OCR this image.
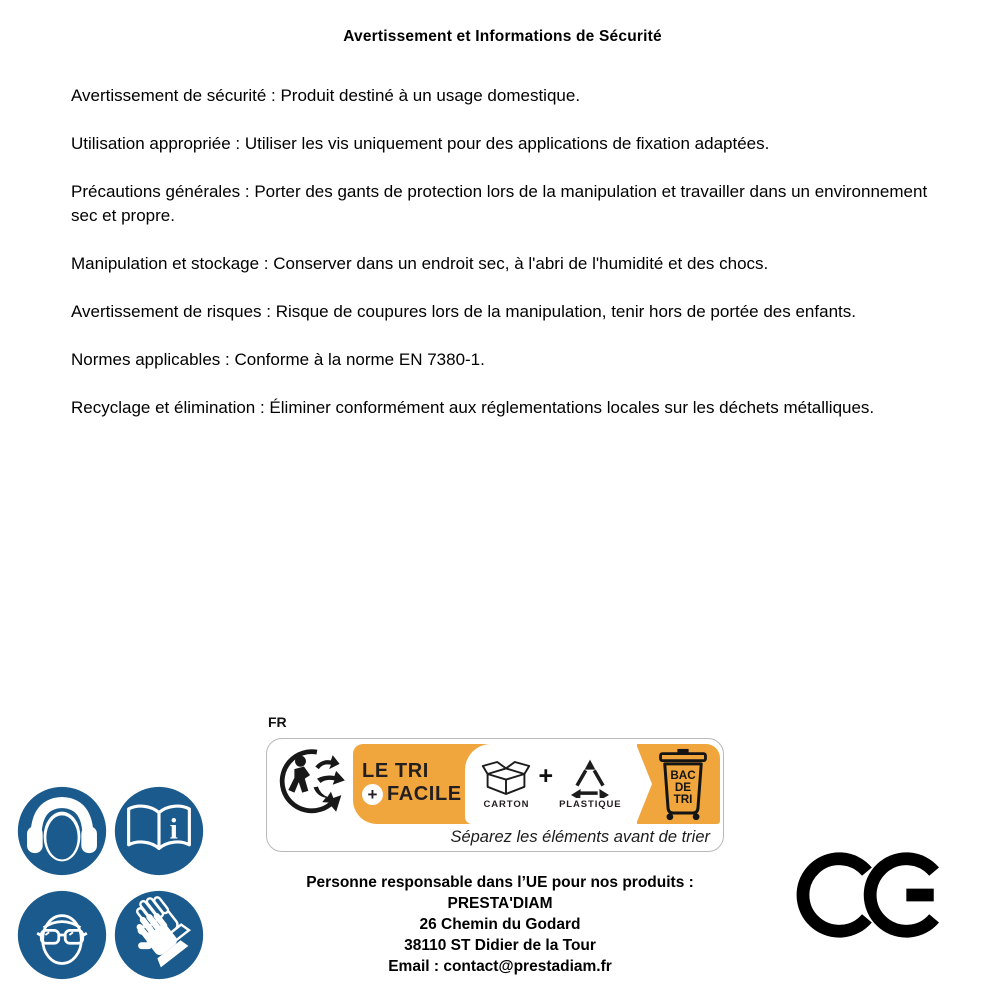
Avertissement et Informations de Sécurité

Avertissement de sécurité : Produit destiné à un usage domestique.

Utilisation appropriée : Utiliser les vis uniquement pour des applications de fixation adaptées.

Précautions générales : Porter des gants de protection lors de la manipulation et travailler dans un environnement sec et propre.

Manipulation et stockage : Conserver dans un endroit sec, à l'abri de l'humidité et des chocs.

Avertissement de risques : Risque de coupures lors de la manipulation, tenir hors de portée des enfants.

Normes applicables : Conforme à la norme EN 7380-1.

Recyclage et élimination : Éliminer conformément aux réglementations locales sur les déchets métalliques.

i
FR
LE TRI
+ FACILE CARTON
+
PLASTIQUE
BAC
DE
TRI
Séparez les éléments avant de trier
Personne responsable dans l’UE pour nos produits :
PRESTA'DIAM
26 Chemin du Godard
38110 ST Didier de la Tour
Email : contact@prestadiam.fr
